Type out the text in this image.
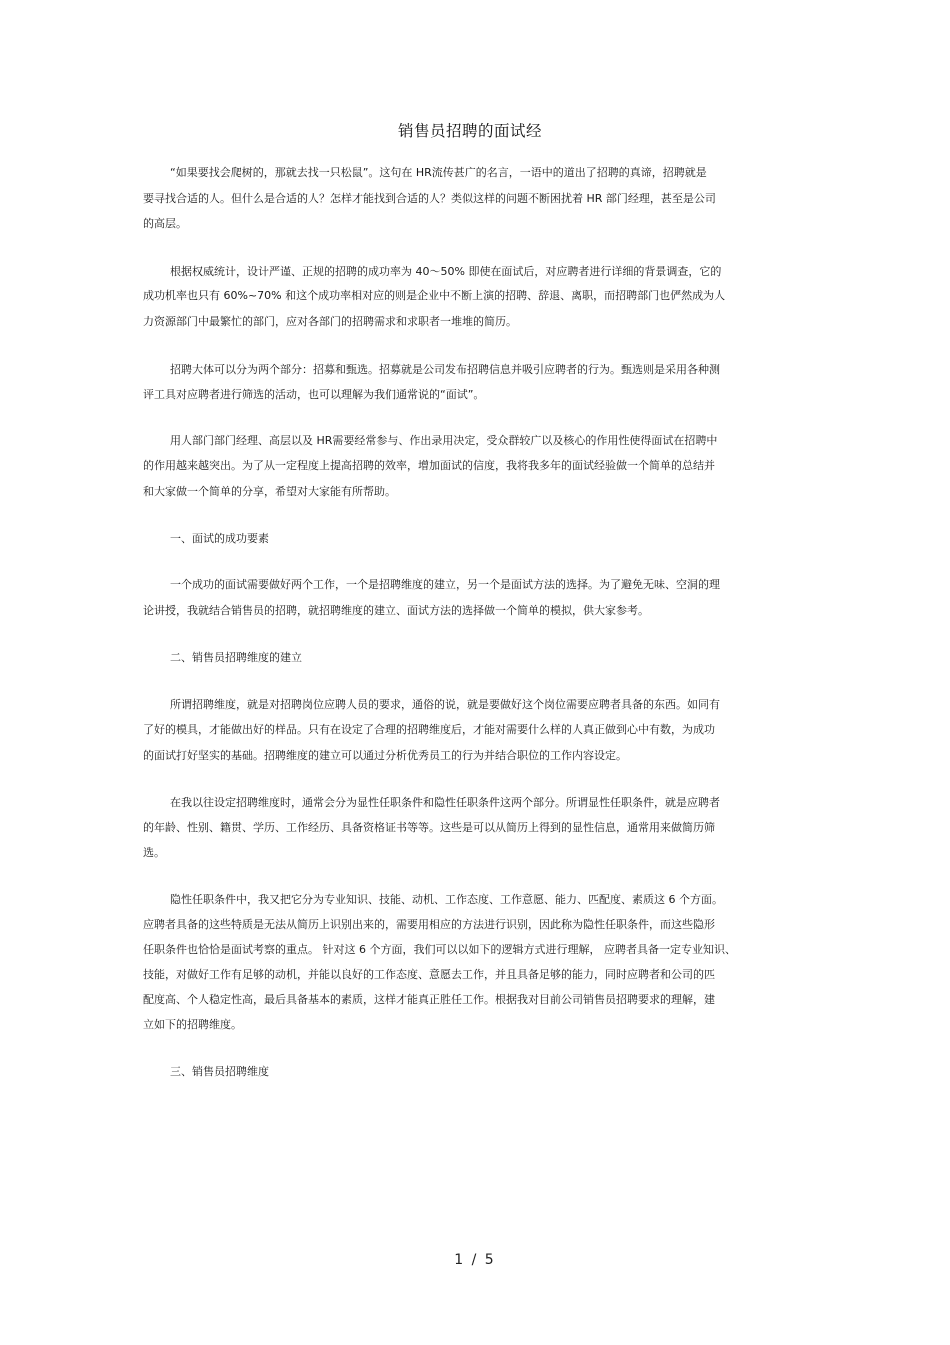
销售员招聘的面试经
“如果要找会爬树的，那就去找一只松鼠”。这句在 HR流传甚广的名言，一语中的道出了招聘的真谛，招聘就是
要寻找合适的人。但什么是合适的人？怎样才能找到合适的人？类似这样的问题不断困扰着 HR 部门经理，甚至是公司
的高层。
根据权威统计，设计严谨、正规的招聘的成功率为 40～50% 即使在面试后，对应聘者进行详细的背景调查，它的
成功机率也只有 60%~70% 和这个成功率相对应的则是企业中不断上演的招聘、辞退、离职，而招聘部门也俨然成为人
力资源部门中最繁忙的部门，应对各部门的招聘需求和求职者一堆堆的简历。
招聘大体可以分为两个部分：招募和甄选。招募就是公司发布招聘信息并吸引应聘者的行为。甄选则是采用各种测
评工具对应聘者进行筛选的活动，也可以理解为我们通常说的“面试”。
用人部门部门经理、高层以及 HR需要经常参与、作出录用决定，受众群较广以及核心的作用性使得面试在招聘中
的作用越来越突出。为了从一定程度上提高招聘的效率，增加面试的信度，我将我多年的面试经验做一个简单的总结并
和大家做一个简单的分享，希望对大家能有所帮助。
一、面试的成功要素
一个成功的面试需要做好两个工作，一个是招聘维度的建立，另一个是面试方法的选择。为了避免无味、空洞的理
论讲授，我就结合销售员的招聘，就招聘维度的建立、面试方法的选择做一个简单的模拟，供大家参考。
二、销售员招聘维度的建立
所谓招聘维度，就是对招聘岗位应聘人员的要求，通俗的说，就是要做好这个岗位需要应聘者具备的东西。如同有
了好的模具，才能做出好的样品。只有在设定了合理的招聘维度后，才能对需要什么样的人真正做到心中有数，为成功
的面试打好坚实的基础。招聘维度的建立可以通过分析优秀员工的行为并结合职位的工作内容设定。
在我以往设定招聘维度时，通常会分为显性任职条件和隐性任职条件这两个部分。所谓显性任职条件，就是应聘者
的年龄、性别、籍贯、学历、工作经历、具备资格证书等等。这些是可以从简历上得到的显性信息，通常用来做简历筛
选。
隐性任职条件中，我又把它分为专业知识、技能、动机、工作态度、工作意愿、能力、匹配度、素质这 6 个方面。
应聘者具备的这些特质是无法从简历上识别出来的，需要用相应的方法进行识别，因此称为隐性任职条件，而这些隐形
任职条件也恰恰是面试考察的重点。 针对这 6 个方面，我们可以以如下的逻辑方式进行理解， 应聘者具备一定专业知识、
技能，对做好工作有足够的动机，并能以良好的工作态度、意愿去工作，并且具备足够的能力，同时应聘者和公司的匹
配度高、个人稳定性高，最后具备基本的素质，这样才能真正胜任工作。根据我对目前公司销售员招聘要求的理解，建
立如下的招聘维度。
三、销售员招聘维度
1 / 5
